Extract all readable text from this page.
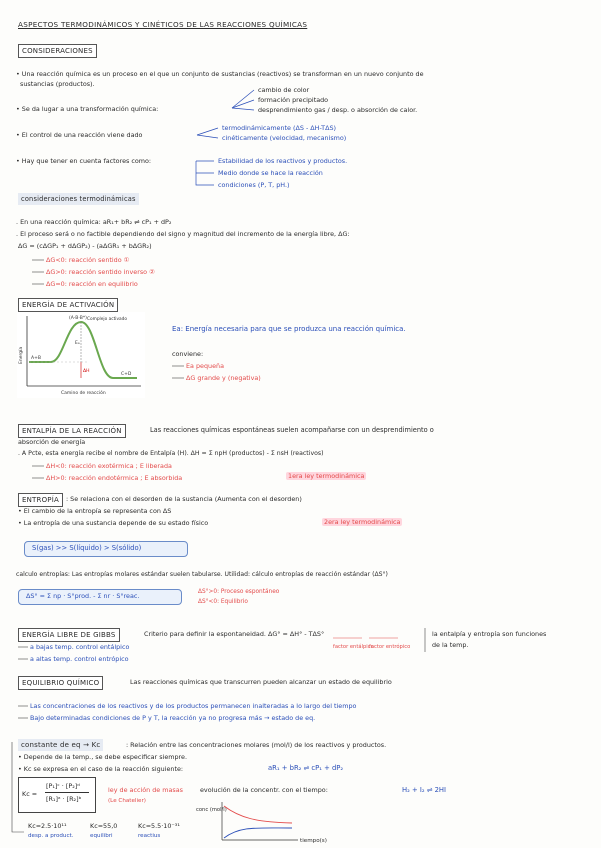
ASPECTOS TERMODINÁMICOS Y CINÉTICOS DE LAS REACCIONES QUÍMICAS
CONSIDERACIONES
• Una reacción química es un proceso en el que un conjunto de sustancias (reactivos) se transforman en un nuevo conjunto de
sustancias (productos).
• Se da lugar a una transformación química:
cambio de color
formación precipitado
desprendimiento gas / desp. o absorción de calor.
• El control de una reacción viene dado
termodinámicamente (ΔS - ΔH-TΔS)
cinéticamente (velocidad, mecanismo)
• Hay que tener en cuenta factores como:	Estabilidad de los reactivos y productos.
Medio donde se hace la reacción
condiciones (P, T, pH.)
consideraciones termodinámicas
. En una reacción química: aR₁+ bR₂ ⇌ cP₁ + dP₂
. El proceso será o no factible dependiendo del signo y magnitud del incremento de la energía libre, ΔG:
ΔG = (cΔGP₁ + dΔGP₂) - (aΔGR₁ + bΔGR₂)
ΔG<0: reacción sentido ①
ΔG>0: reacción sentido inverso ②
ΔG=0: reacción en equilibrio
ENERGÍA DE ACTIVACIÓN
(A·B·B*) Complejo activado
Eₐ
ΔH
A+B
C+D
Energía
Camino de reacción
Ea: Energía necesaria para que se produzca una reacción química.
conviene:
Ea pequeña
ΔG grande y (negativa)
ENTALPÍA DE LA REACCIÓN	Las reacciones químicas espontáneas suelen acompañarse con un desprendimiento o
absorción de energía
. A Pcte, esta energía recibe el nombre de Entalpía (H). ΔH = Σ npH (productos) - Σ nsH (reactivos)
ΔH<0: reacción exotérmica ; E liberada
ΔH>0: reacción endotérmica ; E absorbida	1era ley termodinámica
ENTROPÍA	: Se relaciona con el desorden de la sustancia (Aumenta con el desorden)
• El cambio de la entropía se representa con ΔS
• La entropía de una sustancia depende de su estado físico	2era ley termodinámica
S(gas) >> S(líquido) > S(sólido)
calculo entropías: Las entropías molares estándar suelen tabularse. Utilidad: cálculo entropías de reacción estándar (ΔS°)
ΔS° = Σ np · S°prod. - Σ nr · S°reac.	ΔS°>0: Proceso espontáneo
ΔS°<0: Equilibrio
ENERGÍA LIBRE DE GIBBS	Criterio para definir la espontaneidad. ΔG° = ΔH° - TΔS°
factor entálpico
factor entrópico
la entalpía y entropía son funciones
de la temp.
a bajas temp. control entálpico
a altas temp. control entrópico
EQUILIBRIO QUÍMICO	Las reacciones químicas que transcurren pueden alcanzar un estado de equilibrio
Las concentraciones de los reactivos y de los productos permanecen inalteradas a lo largo del tiempo
Bajo determinadas condiciones de P y T, la reacción ya no progresa más → estado de eq.
constante de eq → Kc	: Relación entre las concentraciones molares (mol/l) de los reactivos y productos.
• Depende de la temp., se debe especificar siempre.
• Kc se expresa en el caso de la reacción siguiente:	aR₁ + bR₂ ⇌ cP₁ + dP₂
Kc =
[P₁]ᶜ · [P₂]ᵈ
[R₁]ᵃ · [R₂]ᵇ
ley de acción de masas
(Le Chatelier)
evolución de la concentr. con el tiempo:	H₂ + I₂ ⇌ 2HI
Kc=2.5·10¹¹
desp. a product.
Kc=55,0
equilibri
Kc=5.5·10⁻³¹
reactius
conc (mol/l)
tiempo(s)
